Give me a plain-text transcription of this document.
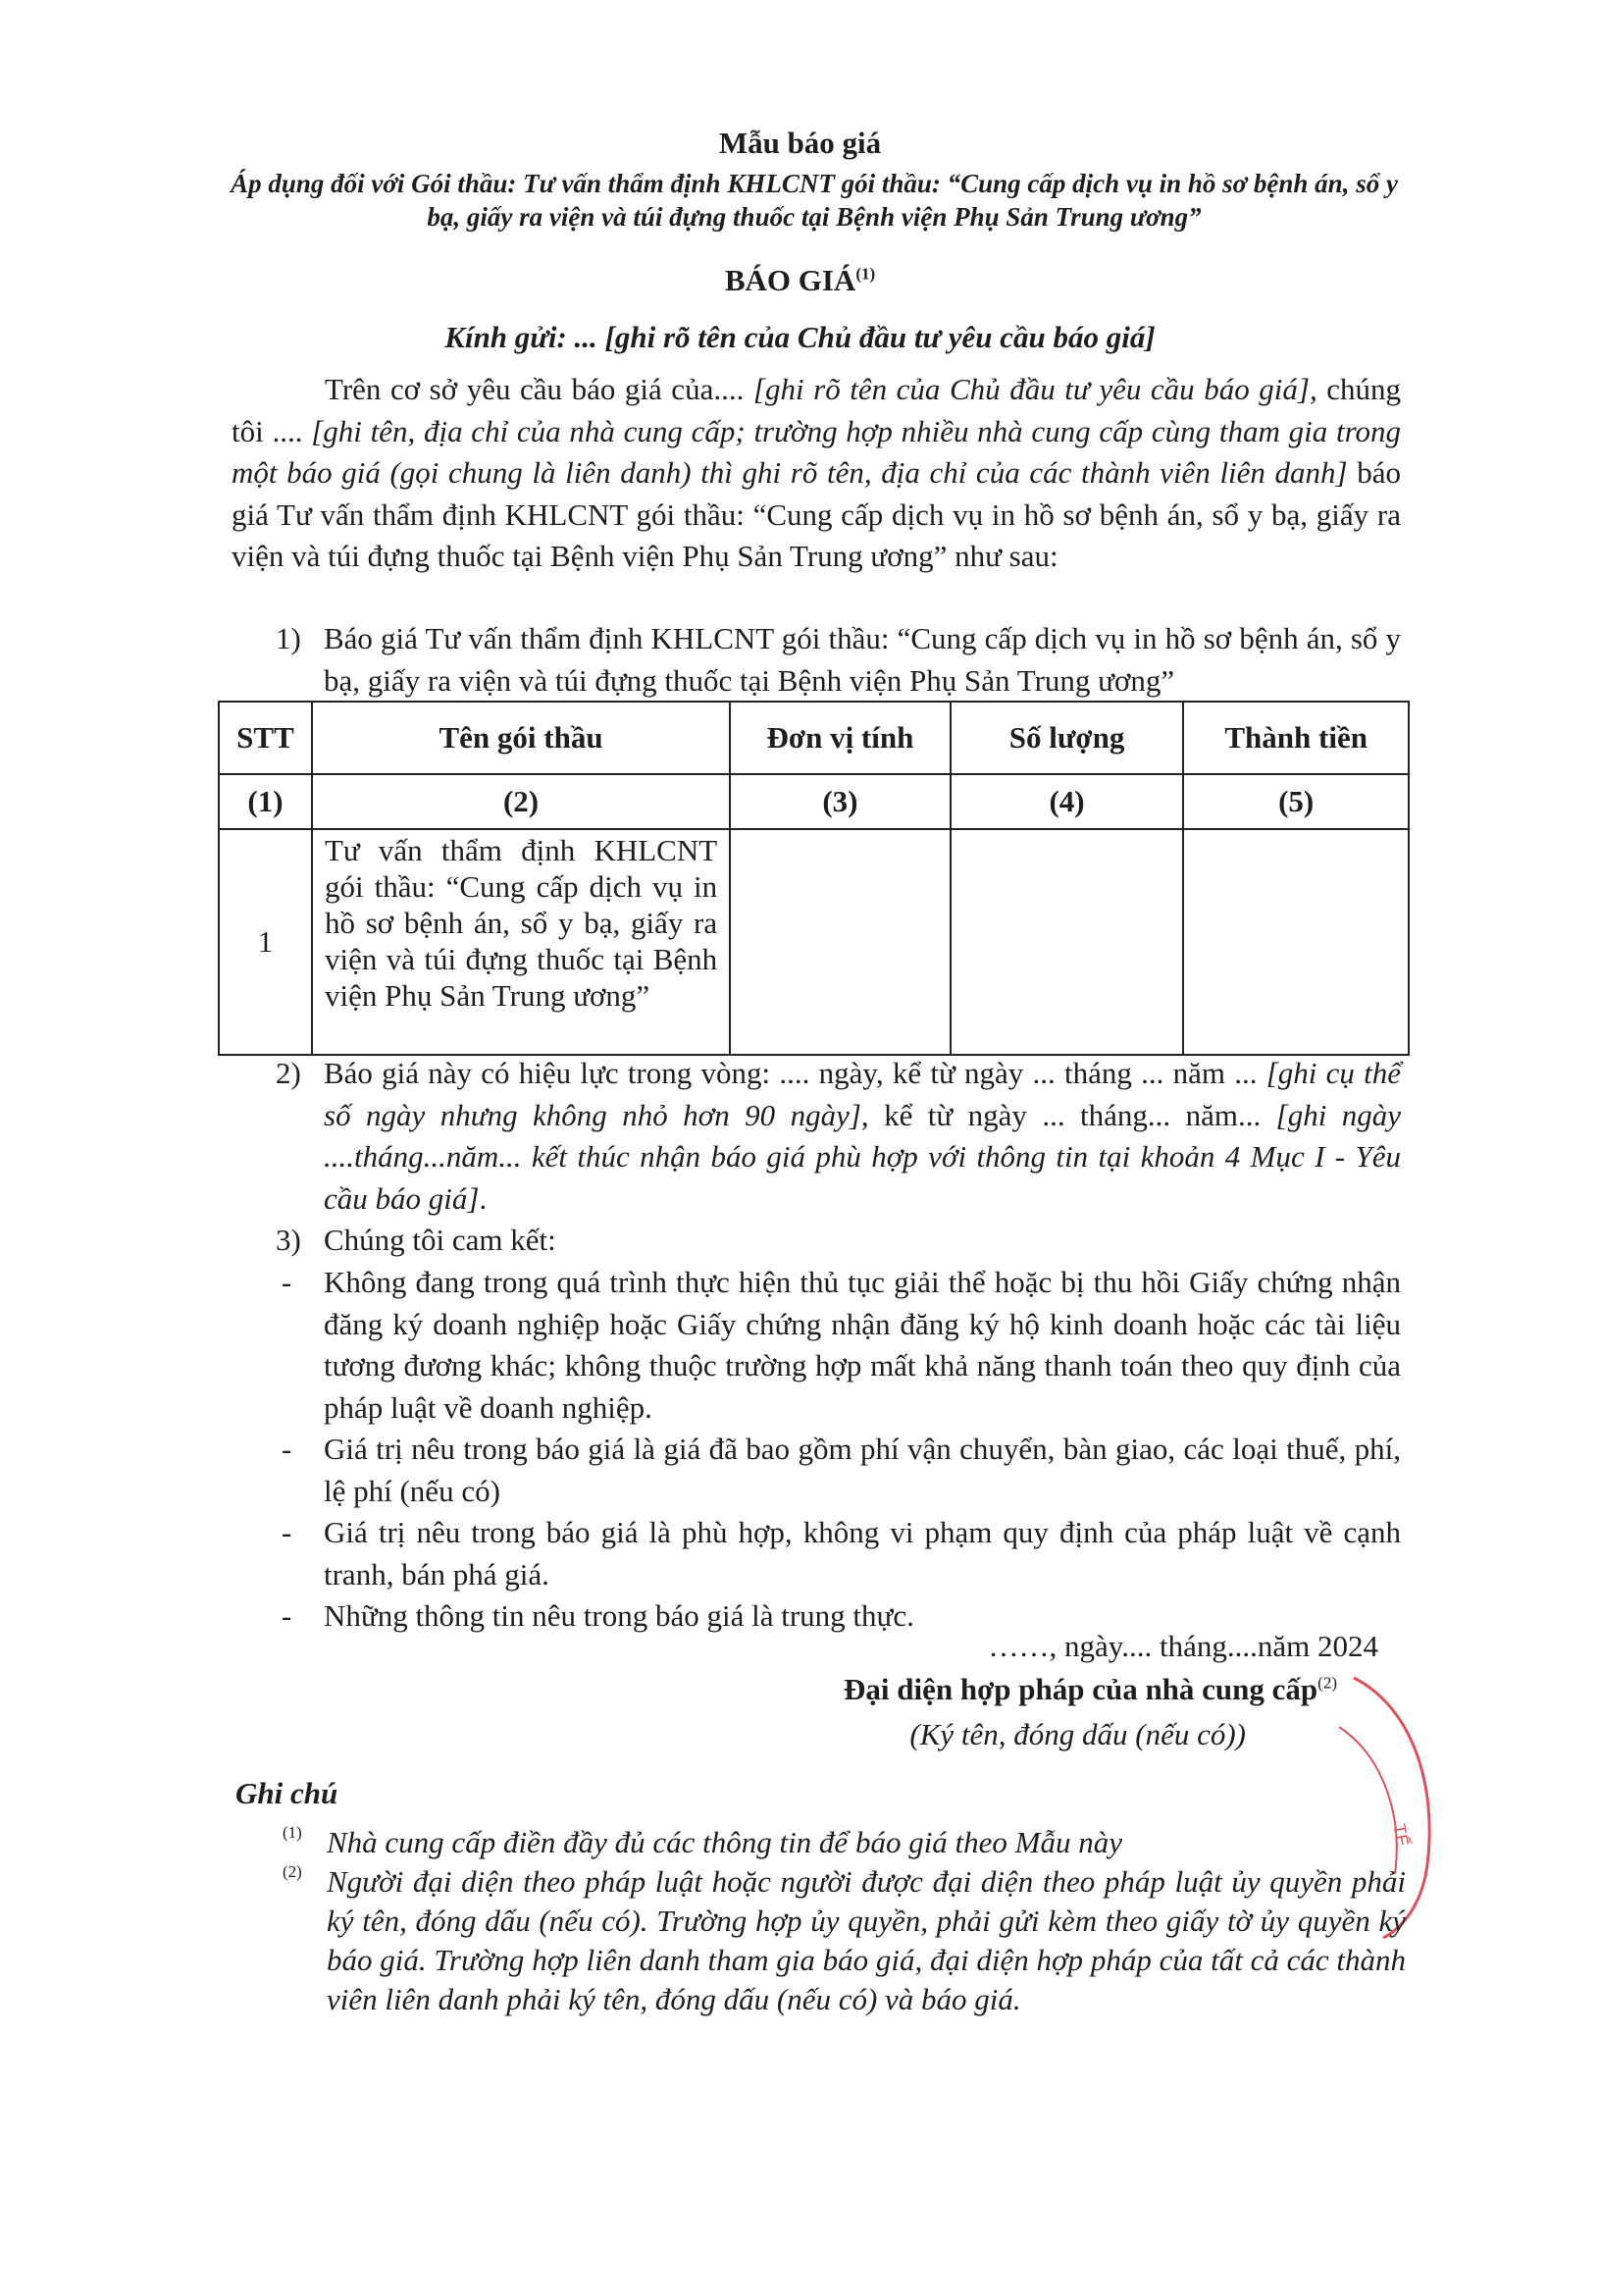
Mẫu báo giá
Áp dụng đối với Gói thầu: Tư vấn thẩm định KHLCNT gói thầu: “Cung cấp dịch vụ in hồ sơ bệnh án, sổ y bạ, giấy ra viện và túi đựng thuốc tại Bệnh viện Phụ Sản Trung ương”
BÁO GIÁ$^{(1)}$
Kính gửi: ... [ghi rõ tên của Chủ đầu tư yêu cầu báo giá]
Trên cơ sở yêu cầu báo giá của.... [ghi rõ tên của Chủ đầu tư yêu cầu báo giá], chúng tôi .... [ghi tên, địa chỉ của nhà cung cấp; trường hợp nhiều nhà cung cấp cùng tham gia trong một báo giá (gọi chung là liên danh) thì ghi rõ tên, địa chỉ của các thành viên liên danh] báo giá Tư vấn thẩm định KHLCNT gói thầu: “Cung cấp dịch vụ in hồ sơ bệnh án, sổ y bạ, giấy ra viện và túi đựng thuốc tại Bệnh viện Phụ Sản Trung ương” như sau:
1) Báo giá Tư vấn thẩm định KHLCNT gói thầu: “Cung cấp dịch vụ in hồ sơ bệnh án, sổ y bạ, giấy ra viện và túi đựng thuốc tại Bệnh viện Phụ Sản Trung ương”
STT	Tên gói thầu	Đơn vị tính	Số lượng	Thành tiền
(1)	(2)	(3)	(4)	(5)
1	Tư vấn thẩm định KHLCNT gói thầu: “Cung cấp dịch vụ in hồ sơ bệnh án, sổ y bạ, giấy ra viện và túi đựng thuốc tại Bệnh viện Phụ Sản Trung ương”			
2) Báo giá này có hiệu lực trong vòng: .... ngày, kể từ ngày ... tháng ... năm ... [ghi cụ thể số ngày nhưng không nhỏ hơn 90 ngày], kể từ ngày ... tháng... năm... [ghi ngày ....tháng...năm... kết thúc nhận báo giá phù hợp với thông tin tại khoản 4 Mục I - Yêu cầu báo giá].
3) Chúng tôi cam kết:
- Không đang trong quá trình thực hiện thủ tục giải thể hoặc bị thu hồi Giấy chứng nhận đăng ký doanh nghiệp hoặc Giấy chứng nhận đăng ký hộ kinh doanh hoặc các tài liệu tương đương khác; không thuộc trường hợp mất khả năng thanh toán theo quy định của pháp luật về doanh nghiệp.
- Giá trị nêu trong báo giá là giá đã bao gồm phí vận chuyển, bàn giao, các loại thuế, phí, lệ phí (nếu có)
- Giá trị nêu trong báo giá là phù hợp, không vi phạm quy định của pháp luật về cạnh tranh, bán phá giá.
- Những thông tin nêu trong báo giá là trung thực.
……, ngày.... tháng....năm 2024
Đại diện hợp pháp của nhà cung cấp$^{(2)}$
(Ký tên, đóng dấu (nếu có))
TẾ
Ghi chú
(1) Nhà cung cấp điền đầy đủ các thông tin để báo giá theo Mẫu này
(2) Người đại diện theo pháp luật hoặc người được đại diện theo pháp luật ủy quyền phải ký tên, đóng dấu (nếu có). Trường hợp ủy quyền, phải gửi kèm theo giấy tờ ủy quyền ký báo giá. Trường hợp liên danh tham gia báo giá, đại diện hợp pháp của tất cả các thành viên liên danh phải ký tên, đóng dấu (nếu có) và báo giá.
